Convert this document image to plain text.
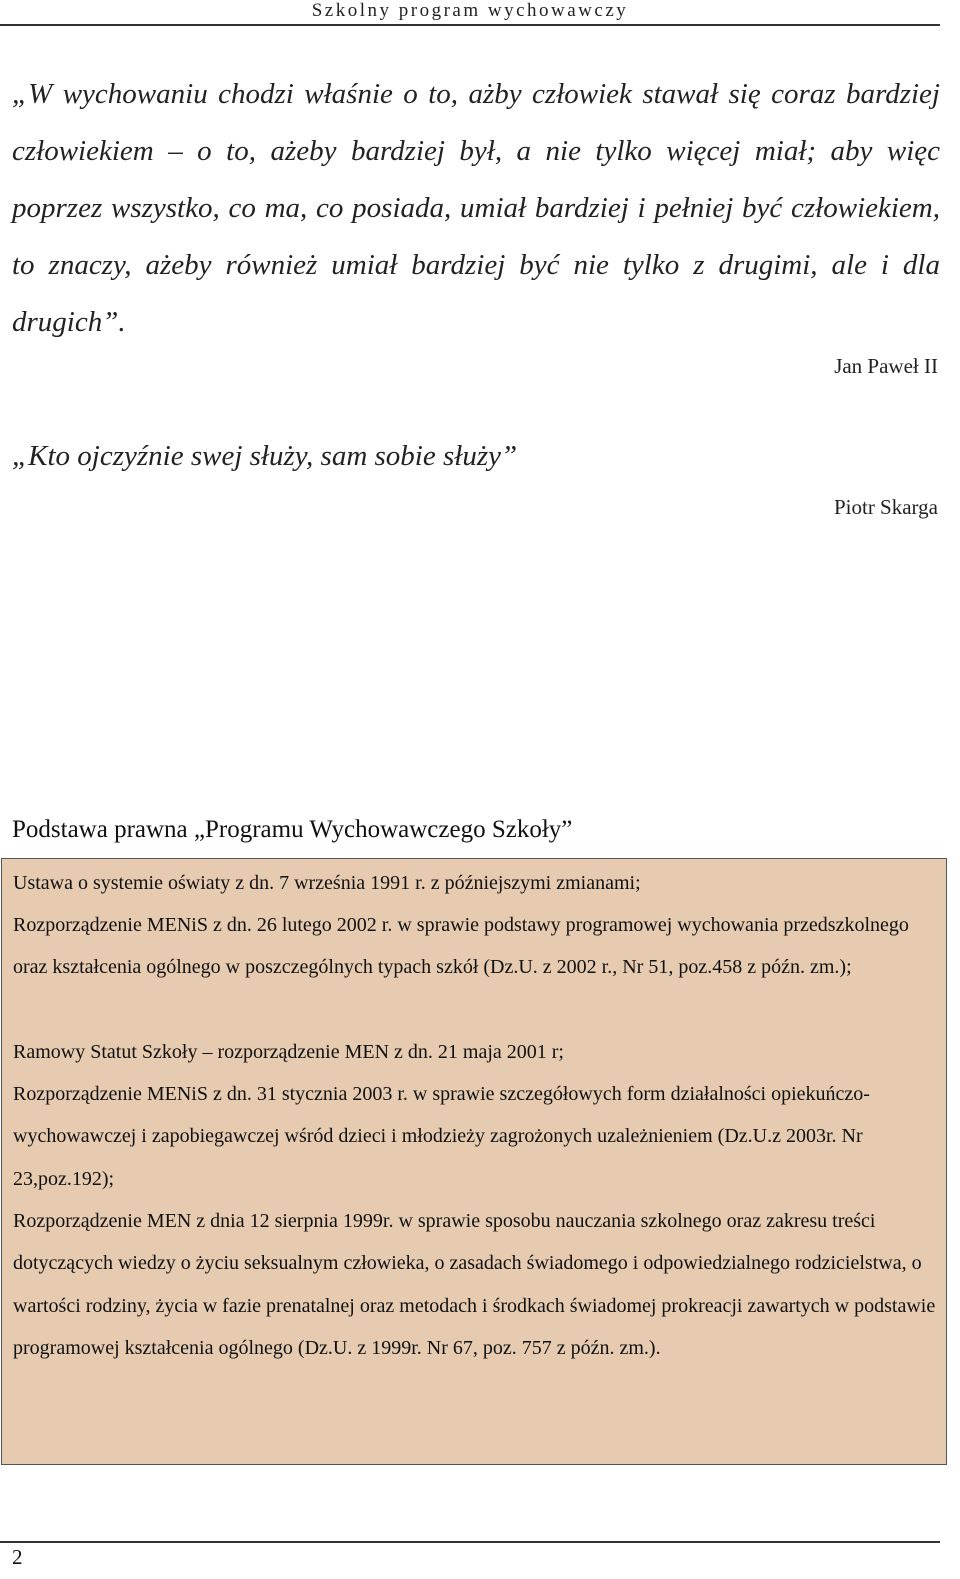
Szkolny program wychowawczy
„W wychowaniu chodzi właśnie o to, ażby człowiek stawał się coraz bardziej człowiekiem – o to, ażeby bardziej był, a nie tylko więcej miał; aby więc poprzez wszystko, co ma, co posiada, umiał bardziej i pełniej być człowiekiem, to znaczy, ażeby również umiał bardziej być nie tylko z drugimi, ale i dla drugich”.
Jan Paweł II
„Kto ojczyźnie swej służy, sam sobie służy”
Piotr Skarga
Podstawa prawna „Programu Wychowawczego Szkoły”
Ustawa o systemie oświaty z dn. 7 września 1991 r. z późniejszymi zmianami;
Rozporządzenie MENiS z dn. 26 lutego 2002 r. w sprawie podstawy programowej wychowania przedszkolnego oraz kształcenia ogólnego w poszczególnych typach szkół (Dz.U. z 2002 r., Nr 51, poz.458 z późn. zm.);
Ramowy Statut Szkoły – rozporządzenie MEN z dn. 21 maja 2001 r;
Rozporządzenie MENiS z dn. 31 stycznia 2003 r. w sprawie szczegółowych form działalności opiekuńczo-wychowawczej i zapobiegawczej wśród dzieci i młodzieży zagrożonych uzależnieniem (Dz.U.z 2003r. Nr 23,poz.192);
Rozporządzenie MEN z dnia 12 sierpnia 1999r. w sprawie sposobu nauczania szkolnego oraz zakresu treści dotyczących wiedzy o życiu seksualnym człowieka, o zasadach świadomego i odpowiedzialnego rodzicielstwa, o wartości rodziny, życia w fazie prenatalnej oraz metodach i środkach świadomej prokreacji zawartych w podstawie programowej kształcenia ogólnego (Dz.U. z 1999r. Nr 67, poz. 757 z późn. zm.).
2
